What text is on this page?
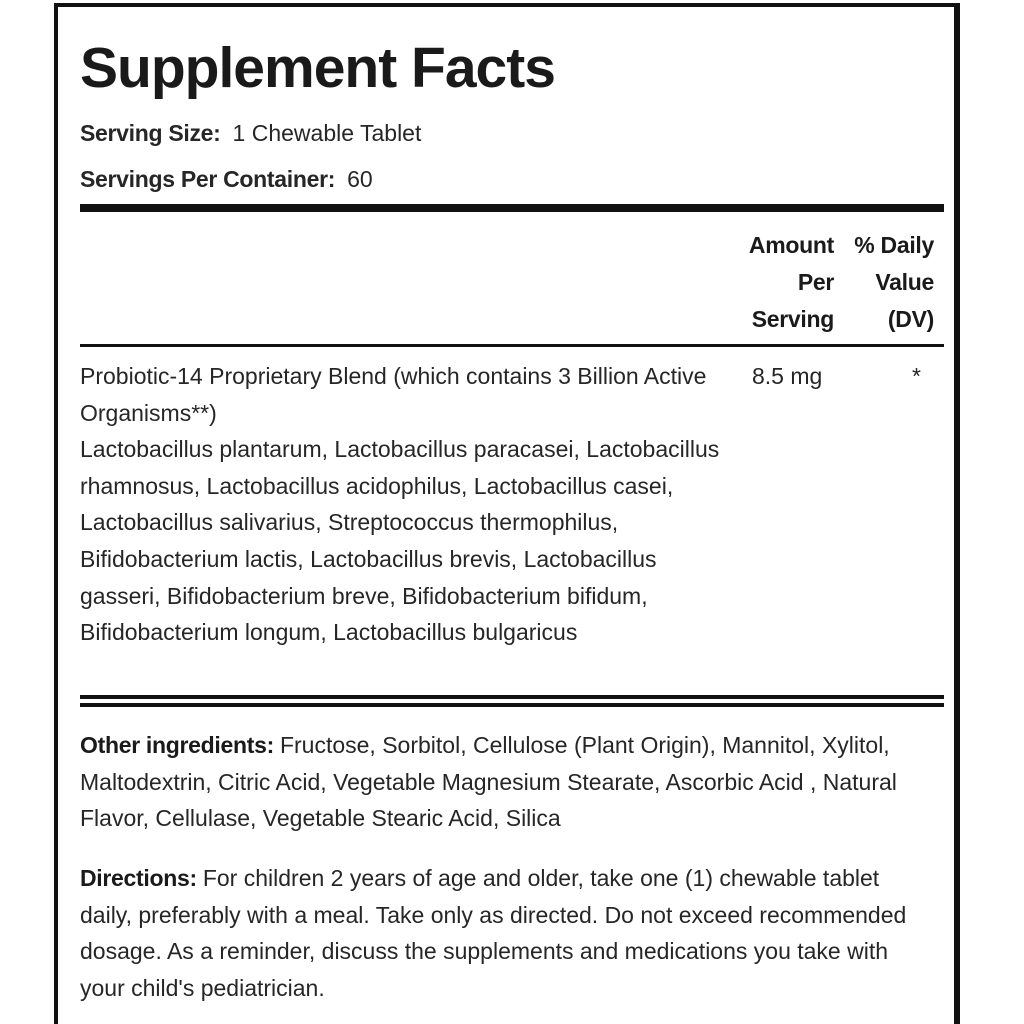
Supplement Facts
Serving Size: 1 Chewable Tablet
Servings Per Container: 60
Amount
Per
Serving
% Daily
Value
(DV)
Probiotic-14 Proprietary Blend (which contains 3 Billion Active Organisms**)
Lactobacillus plantarum, Lactobacillus paracasei, Lactobacillus rhamnosus, Lactobacillus acidophilus, Lactobacillus casei, Lactobacillus salivarius, Streptococcus thermophilus, Bifidobacterium lactis, Lactobacillus brevis, Lactobacillus gasseri, Bifidobacterium breve, Bifidobacterium bifidum, Bifidobacterium longum, Lactobacillus bulgaricus
8.5 mg	*
Other ingredients: Fructose, Sorbitol, Cellulose (Plant Origin), Mannitol, Xylitol, Maltodextrin, Citric Acid, Vegetable Magnesium Stearate, Ascorbic Acid , Natural Flavor, Cellulase, Vegetable Stearic Acid, Silica
Directions: For children 2 years of age and older, take one (1) chewable tablet daily, preferably with a meal. Take only as directed. Do not exceed recommended dosage. As a reminder, discuss the supplements and medications you take with your child's pediatrician.
